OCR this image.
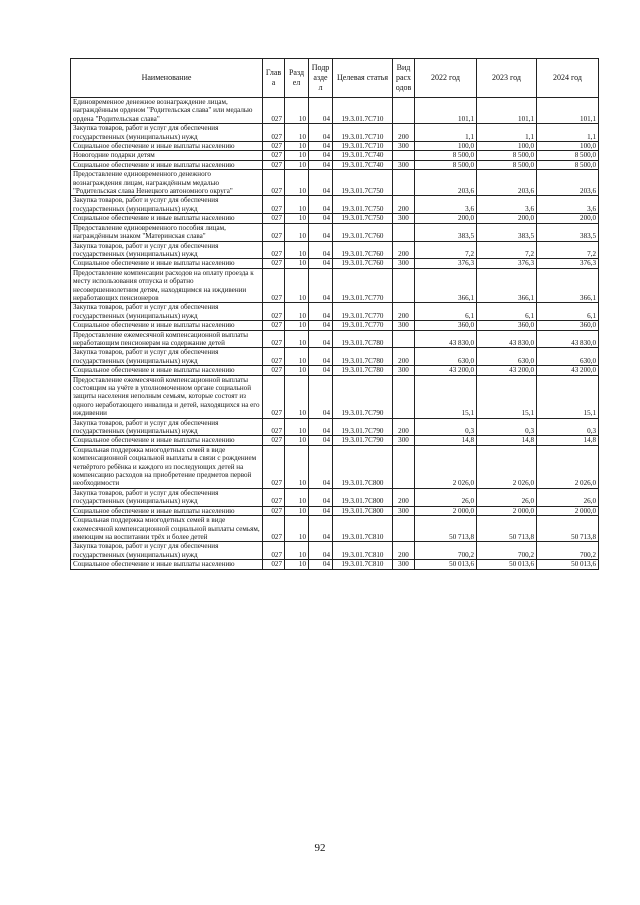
Наименование	Глав а	Разд ел	Подр азде л	Целевая статья	Вид расх одов	2022 год	2023 год	2024 год
Единовременное денежное вознаграждение лицам, награждённым орденом "Родительская слава" или медалью ордена "Родительская слава"	027	10	04	19.3.01.7С710		101,1	101,1	101,1
Закупка товаров, работ и услуг для обеспечения государственных (муниципальных) нужд	027	10	04	19.3.01.7С710	200	1,1	1,1	1,1
Социальное обеспечение и иные выплаты населению	027	10	04	19.3.01.7С710	300	100,0	100,0	100,0
Новогодние подарки детям	027	10	04	19.3.01.7С740		8 500,0	8 500,0	8 500,0
Социальное обеспечение и иные выплаты населению	027	10	04	19.3.01.7С740	300	8 500,0	8 500,0	8 500,0
Предоставление единовременного денежного вознаграждения лицам, награждённым медалью "Родительская слава Ненецкого автономного округа"	027	10	04	19.3.01.7С750		203,6	203,6	203,6
Закупка товаров, работ и услуг для обеспечения государственных (муниципальных) нужд	027	10	04	19.3.01.7С750	200	3,6	3,6	3,6
Социальное обеспечение и иные выплаты населению	027	10	04	19.3.01.7С750	300	200,0	200,0	200,0
Предоставление единовременного пособия лицам, награждённым знаком "Материнская слава"	027	10	04	19.3.01.7С760		383,5	383,5	383,5
Закупка товаров, работ и услуг для обеспечения государственных (муниципальных) нужд	027	10	04	19.3.01.7С760	200	7,2	7,2	7,2
Социальное обеспечение и иные выплаты населению	027	10	04	19.3.01.7С760	300	376,3	376,3	376,3
Предоставление компенсации расходов на оплату проезда к месту использования отпуска и обратно несовершеннолетним детям, находящимся на иждивении неработающих пенсионеров	027	10	04	19.3.01.7С770		366,1	366,1	366,1
Закупка товаров, работ и услуг для обеспечения государственных (муниципальных) нужд	027	10	04	19.3.01.7С770	200	6,1	6,1	6,1
Социальное обеспечение и иные выплаты населению	027	10	04	19.3.01.7С770	300	360,0	360,0	360,0
Предоставление ежемесячной компенсационной выплаты неработающим пенсионерам на содержание детей	027	10	04	19.3.01.7С780		43 830,0	43 830,0	43 830,0
Закупка товаров, работ и услуг для обеспечения государственных (муниципальных) нужд	027	10	04	19.3.01.7С780	200	630,0	630,0	630,0
Социальное обеспечение и иные выплаты населению	027	10	04	19.3.01.7С780	300	43 200,0	43 200,0	43 200,0
Предоставление ежемесячной компенсационной выплаты состоящим на учёте в уполномоченном органе социальной защиты населения неполным семьям, которые состоят из одного неработающего инвалида и детей, находящихся на его иждивении	027	10	04	19.3.01.7С790		15,1	15,1	15,1
Закупка товаров, работ и услуг для обеспечения государственных (муниципальных) нужд	027	10	04	19.3.01.7С790	200	0,3	0,3	0,3
Социальное обеспечение и иные выплаты населению	027	10	04	19.3.01.7С790	300	14,8	14,8	14,8
Социальная поддержка многодетных семей в виде компенсационной социальной выплаты в связи с рождением четвёртого ребёнка и каждого из последующих детей на компенсацию расходов на приобретение предметов первой необходимости	027	10	04	19.3.01.7С800		2 026,0	2 026,0	2 026,0
Закупка товаров, работ и услуг для обеспечения государственных (муниципальных) нужд	027	10	04	19.3.01.7С800	200	26,0	26,0	26,0
Социальное обеспечение и иные выплаты населению	027	10	04	19.3.01.7С800	300	2 000,0	2 000,0	2 000,0
Социальная поддержка многодетных семей в виде ежемесячной компенсационной социальной выплаты семьям, имеющим на воспитании трёх и более детей	027	10	04	19.3.01.7С810		50 713,8	50 713,8	50 713,8
Закупка товаров, работ и услуг для обеспечения государственных (муниципальных) нужд	027	10	04	19.3.01.7С810	200	700,2	700,2	700,2
Социальное обеспечение и иные выплаты населению	027	10	04	19.3.01.7С810	300	50 013,6	50 013,6	50 013,6
92
